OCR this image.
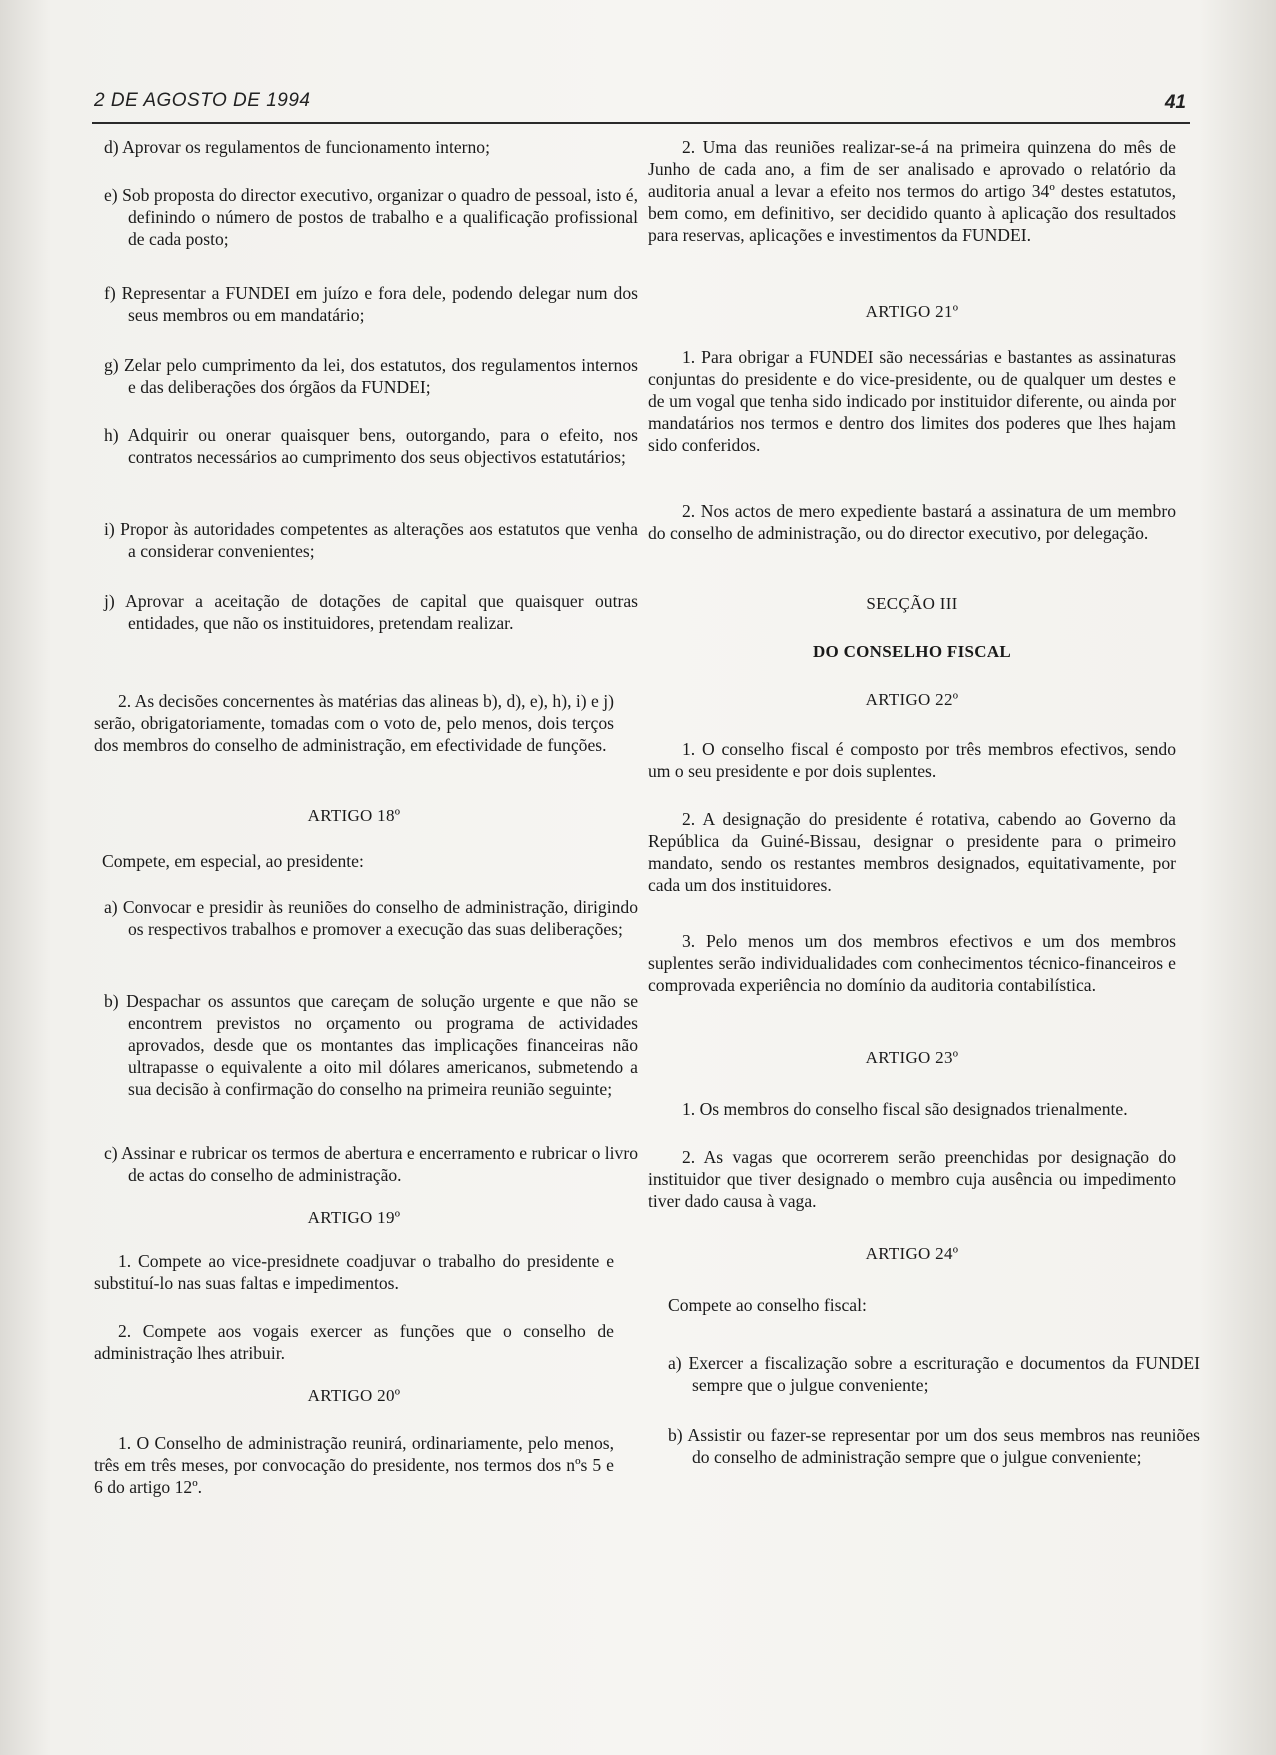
2 DE AGOSTO DE 1994	41
d) Aprovar os regulamentos de funcionamento interno;
e) Sob proposta do director executivo, organizar o quadro de pessoal, isto é, definindo o número de postos de trabalho e a qualificação profissional de cada posto;
f) Representar a FUNDEI em juízo e fora dele, podendo delegar num dos seus membros ou em mandatário;
g) Zelar pelo cumprimento da lei, dos estatutos, dos regulamentos internos e das deliberações dos órgãos da FUNDEI;
h) Adquirir ou onerar quaisquer bens, outorgando, para o efeito, nos contratos necessários ao cumprimento dos seus objectivos estatutários;
i) Propor às autoridades competentes as alterações aos estatutos que venha a considerar convenientes;
j) Aprovar a aceitação de dotações de capital que quaisquer outras entidades, que não os instituidores, pretendam realizar.
2. As decisões concernentes às matérias das alineas b), d), e), h), i) e j) serão, obrigatoriamente, tomadas com o voto de, pelo menos, dois terços dos membros do conselho de administração, em efectividade de funções.
ARTIGO 18º
Compete, em especial, ao presidente:
a) Convocar e presidir às reuniões do conselho de administração, dirigindo os respectivos trabalhos e promover a execução das suas deliberações;
b) Despachar os assuntos que careçam de solução urgente e que não se encontrem previstos no orçamento ou programa de actividades aprovados, desde que os montantes das implicações financeiras não ultrapasse o equivalente a oito mil dólares americanos, submetendo a sua decisão à confirmação do conselho na primeira reunião seguinte;
c) Assinar e rubricar os termos de abertura e encerramento e rubricar o livro de actas do conselho de administração.
ARTIGO 19º
1. Compete ao vice-presidnete coadjuvar o trabalho do presidente e substituí-lo nas suas faltas e impedimentos.
2. Compete aos vogais exercer as funções que o conselho de administração lhes atribuir.
ARTIGO 20º
1. O Conselho de administração reunirá, ordinariamente, pelo menos, três em três meses, por convocação do presidente, nos termos dos nºs 5 e 6 do artigo 12º.
2. Uma das reuniões realizar-se-á na primeira quinzena do mês de Junho de cada ano, a fim de ser analisado e aprovado o relatório da auditoria anual a levar a efeito nos termos do artigo 34º destes estatutos, bem como, em definitivo, ser decidido quanto à aplicação dos resultados para reservas, aplicações e investimentos da FUNDEI.
ARTIGO 21º
1. Para obrigar a FUNDEI são necessárias e bastantes as assinaturas conjuntas do presidente e do vice-presidente, ou de qualquer um destes e de um vogal que tenha sido indicado por instituidor diferente, ou ainda por mandatários nos termos e dentro dos limites dos poderes que lhes hajam sido conferidos.
2. Nos actos de mero expediente bastará a assinatura de um membro do conselho de administração, ou do director executivo, por delegação.
SECÇÃO III
DO CONSELHO FISCAL
ARTIGO 22º
1. O conselho fiscal é composto por três membros efectivos, sendo um o seu presidente e por dois suplentes.
2. A designação do presidente é rotativa, cabendo ao Governo da República da Guiné-Bissau, designar o presidente para o primeiro mandato, sendo os restantes membros designados, equitativamente, por cada um dos instituidores.
3. Pelo menos um dos membros efectivos e um dos membros suplentes serão individualidades com conhecimentos técnico-financeiros e comprovada experiência no domínio da auditoria contabilística.
ARTIGO 23º
1. Os membros do conselho fiscal são designados trienalmente.
2. As vagas que ocorrerem serão preenchidas por designação do instituidor que tiver designado o membro cuja ausência ou impedimento tiver dado causa à vaga.
ARTIGO 24º
Compete ao conselho fiscal:
a) Exercer a fiscalização sobre a escrituração e documentos da FUNDEI sempre que o julgue conveniente;
b) Assistir ou fazer-se representar por um dos seus membros nas reuniões do conselho de administração sempre que o julgue conveniente;
